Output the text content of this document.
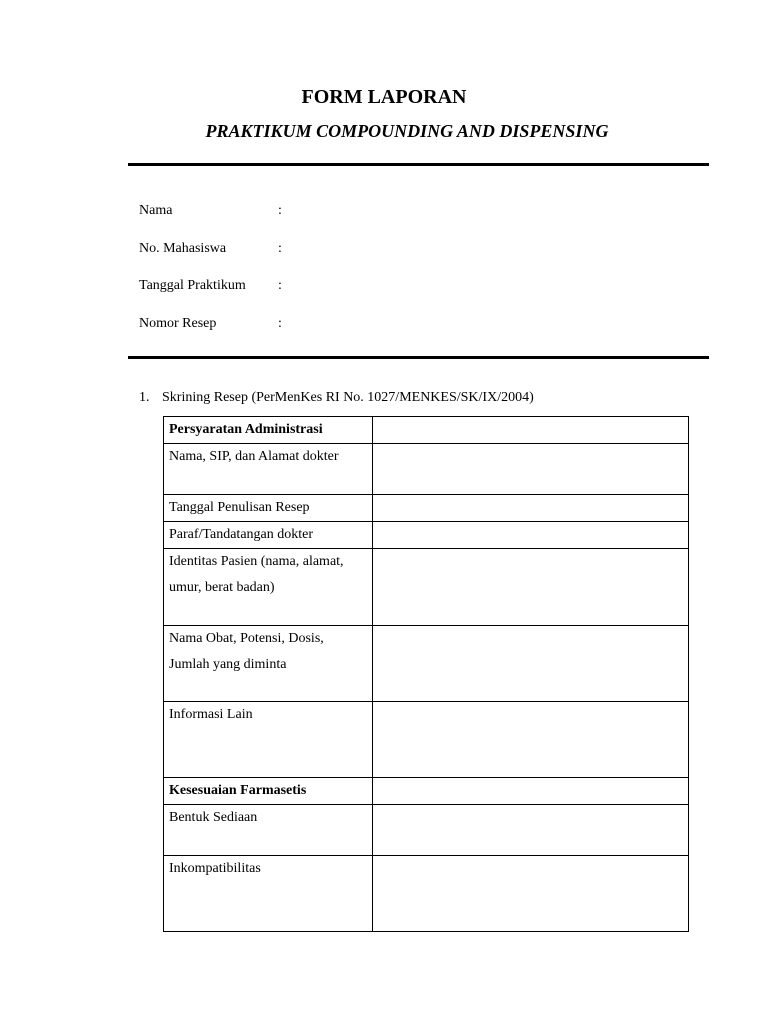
FORM LAPORAN
PRAKTIKUM COMPOUNDING AND DISPENSING
Nama	:
No. Mahasiswa	:
Tanggal Praktikum :
Nomor Resep	:
1. Skrining Resep (PerMenKes RI No. 1027/MENKES/SK/IX/2004)
Persyaratan Administrasi	

Nama, SIP, dan Alamat dokter	

Tanggal Penulisan Resep	

Paraf/Tandatangan dokter	

Identitas Pasien (nama, alamat, umur, berat badan)	

Nama Obat, Potensi, Dosis, Jumlah yang diminta	

Informasi Lain	

Kesesuaian Farmasetis	

Bentuk Sediaan	

Inkompatibilitas	
